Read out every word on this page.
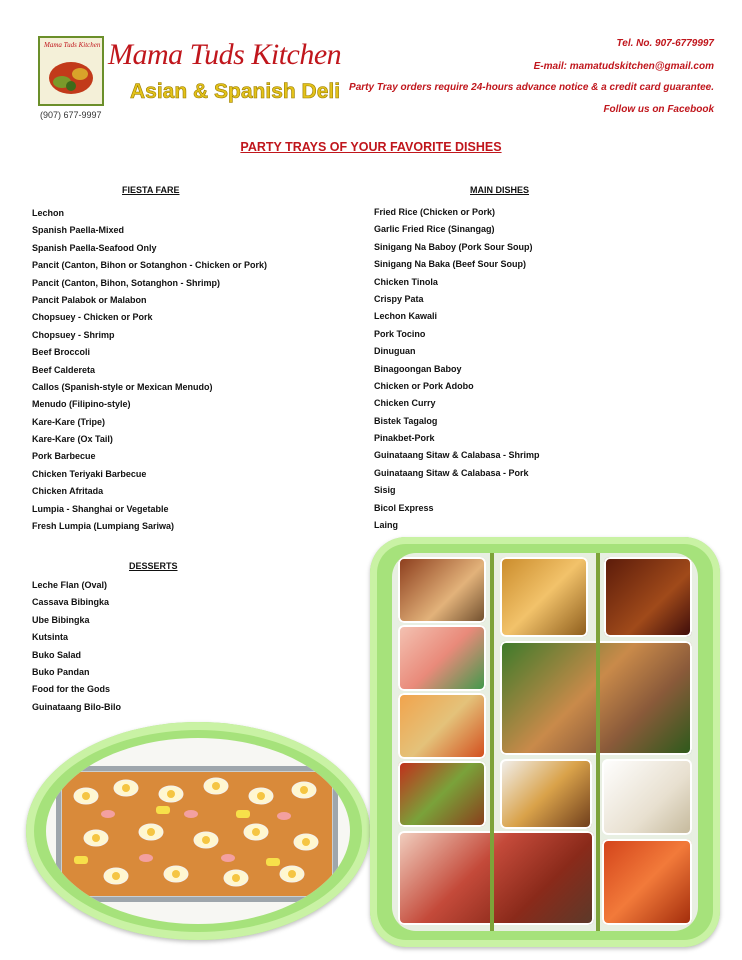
Mama Tuds Kitchen
(907) 677-9997
Mama Tuds Kitchen
Asian & Spanish Deli
Tel. No. 907-6779997
E-mail: mamatudskitchen@gmail.com
Party Tray orders require 24-hours advance notice & a credit card guarantee.
Follow us on Facebook
PARTY TRAYS OF YOUR FAVORITE DISHES
FIESTA FARE
Lechon
Spanish Paella-Mixed
Spanish Paella-Seafood Only
Pancit (Canton, Bihon or Sotanghon - Chicken or Pork)
Pancit (Canton, Bihon, Sotanghon - Shrimp)
Pancit Palabok or Malabon
Chopsuey - Chicken or Pork
Chopsuey - Shrimp
Beef Broccoli
Beef Caldereta
Callos (Spanish-style or Mexican Menudo)
Menudo (Filipino-style)
Kare-Kare (Tripe)
Kare-Kare (Ox Tail)
Pork Barbecue
Chicken Teriyaki Barbecue
Chicken Afritada
Lumpia - Shanghai or Vegetable
Fresh Lumpia (Lumpiang Sariwa)
MAIN DISHES
Fried Rice (Chicken or Pork)
Garlic Fried Rice (Sinangag)
Sinigang Na Baboy (Pork Sour Soup)
Sinigang Na Baka (Beef Sour Soup)
Chicken Tinola
Crispy Pata
Lechon Kawali
Pork Tocino
Dinuguan
Binagoongan Baboy
Chicken or Pork Adobo
Chicken Curry
Bistek Tagalog
Pinakbet-Pork
Guinataang Sitaw & Calabasa - Shrimp
Guinataang Sitaw & Calabasa - Pork
Sisig
Bicol Express
Laing
DESSERTS
Leche Flan (Oval)
Cassava Bibingka
Ube Bibingka
Kutsinta
Buko Salad
Buko Pandan
Food for the Gods
Guinataang Bilo-Bilo
